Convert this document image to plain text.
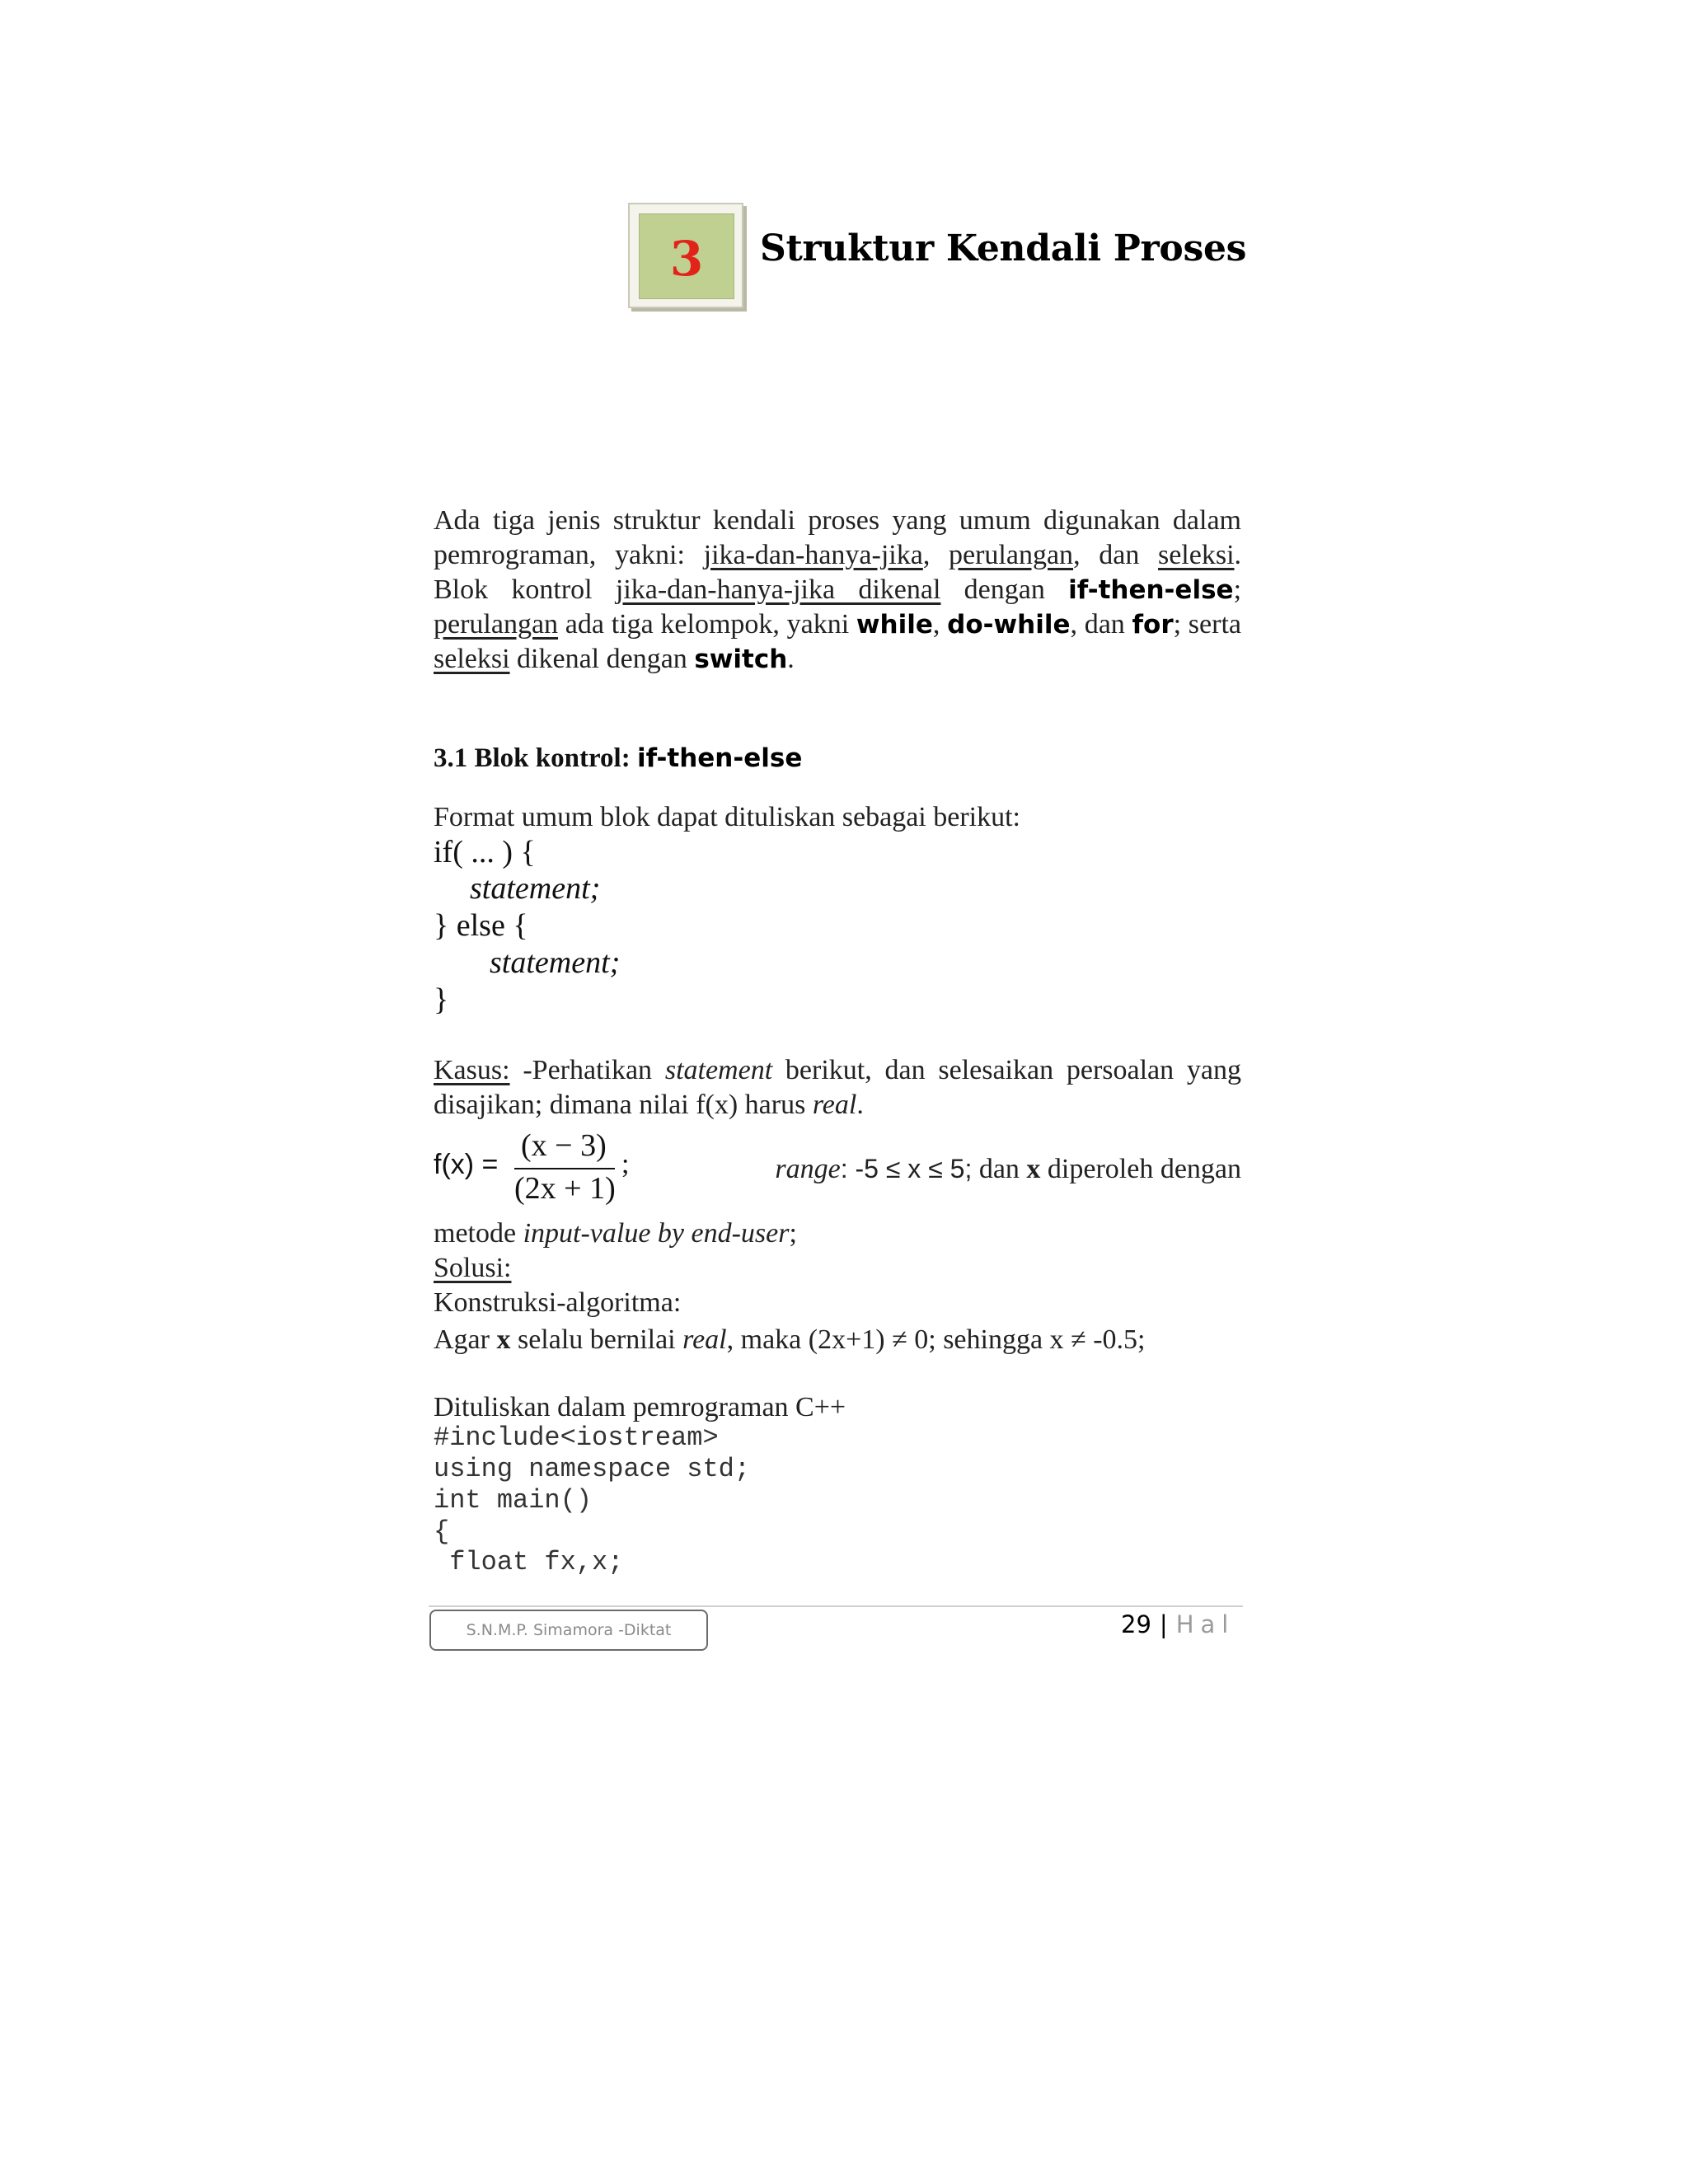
3 Struktur Kendali Proses
Ada tiga jenis struktur kendali proses yang umum digunakan dalam pemrograman, yakni: jika-dan-hanya-jika, perulangan, dan seleksi. Blok kontrol jika-dan-hanya-jika dikenal dengan if-then-else; perulangan ada tiga kelompok, yakni while, do-while, dan for; serta seleksi dikenal dengan switch.
3.1 Blok kontrol: if-then-else
Format umum blok dapat dituliskan sebagai berikut:
if( ... ) {
statement;
} else {
statement;
}
Kasus: -Perhatikan statement berikut, dan selesaikan persoalan yang disajikan; dimana nilai f(x) harus real.
f(x) =
(x − 3)
(2x + 1)
;	range: -5 ≤ x ≤ 5; dan x diperoleh dengan
metode input-value by end-user;
Solusi:
Konstruksi-algoritma:
Agar x selalu bernilai real, maka (2x+1) ≠ 0; sehingga x ≠ -0.5;
Dituliskan dalam pemrograman C++
#include<iostream>
using namespace std;
int main()
{
float fx,x;
S.N.M.P. Simamora -Diktat	29 | Hal
